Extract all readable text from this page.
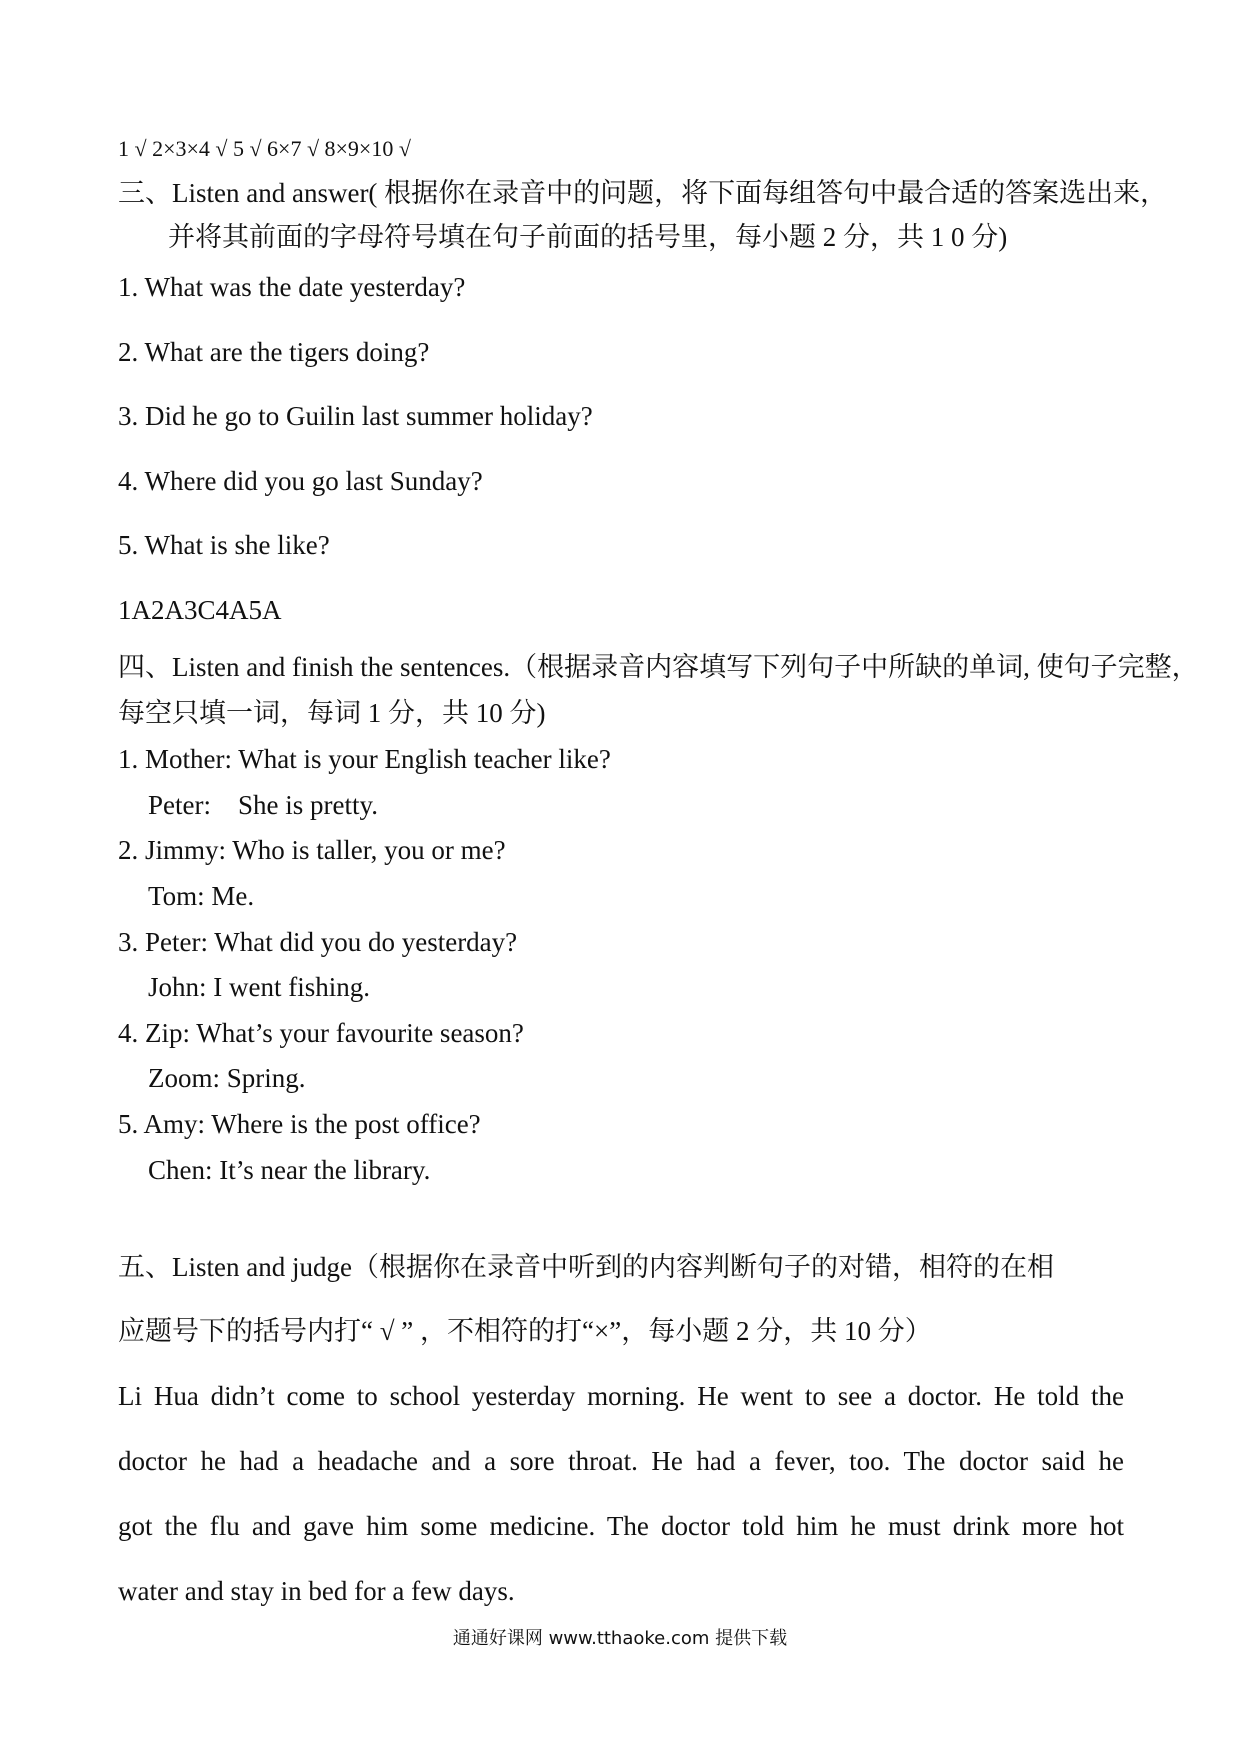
1 √ 2×3×4 √ 5 √ 6×7 √ 8×9×10 √
三、Listen and answer( 根据你在录音中的问题，将下面每组答句中最合适的答案选出来，
并将其前面的字母符号填在句子前面的括号里，每小题 2 分，共 1 0 分)
1. What was the date yesterday?
2. What are the tigers doing?
3. Did he go to Guilin last summer holiday?
4. Where did you go last Sunday?
5. What is she like?
1A2A3C4A5A
四、Listen and finish the sentences.（根据录音内容填写下列句子中所缺的单词, 使句子完整，
每空只填一词，每词 1 分，共 10 分)
1. Mother: What is your English teacher like?
Peter:    She is pretty.
2. Jimmy: Who is taller, you or me?
Tom: Me.
3. Peter: What did you do yesterday?
John: I went fishing.
4. Zip: What’s your favourite season?
Zoom: Spring.
5. Amy: Where is the post office?
Chen: It’s near the library.
五、Listen and judge（根据你在录音中听到的内容判断句子的对错，相符的在相
应题号下的括号内打“ √ ” ，不相符的打“×”，每小题 2 分，共 10 分）
Li Hua didn’t come to school yesterday morning. He went to see a doctor. He told the
doctor he had a headache and a sore throat. He had a fever, too. The doctor said he
got the flu and gave him some medicine. The doctor told him he must drink more hot
water and stay in bed for a few days.
通通好课网 www.tthaoke.com 提供下载
